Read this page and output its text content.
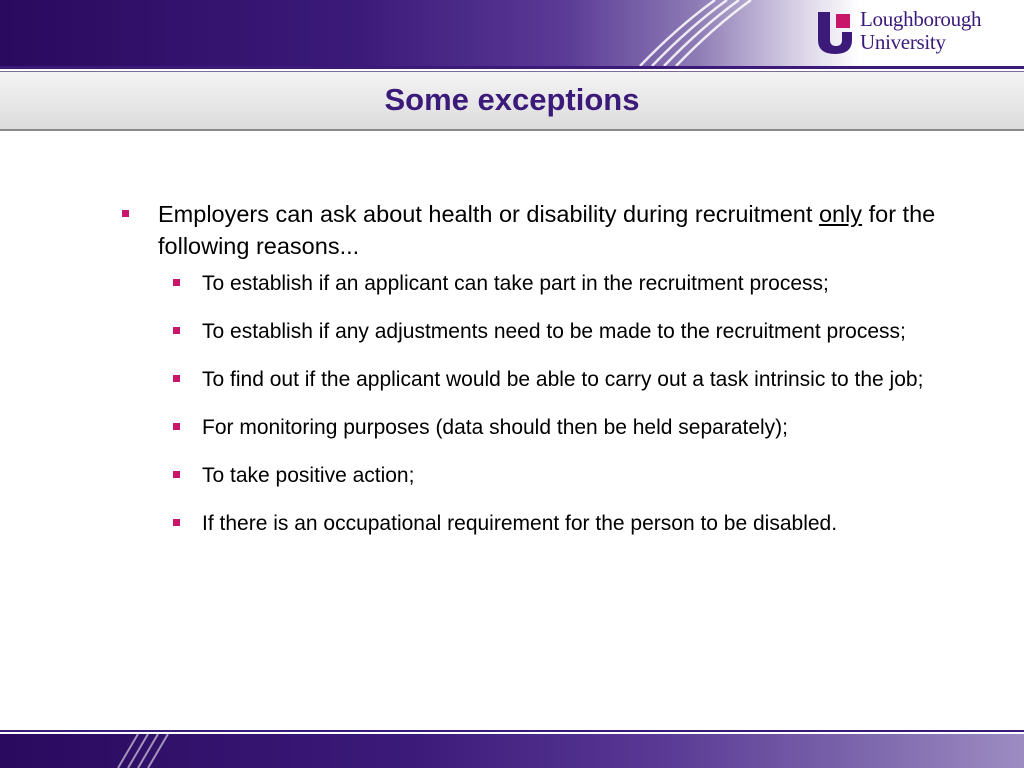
Loughborough
University
Some exceptions

Employers can ask about health or disability during recruitment only for the following reasons...

To establish if an applicant can take part in the recruitment process;
To establish if any adjustments need to be made to the recruitment process;
To find out if the applicant would be able to carry out a task intrinsic to the job;
For monitoring purposes (data should then be held separately);
To take positive action;
If there is an occupational requirement for the person to be disabled.
